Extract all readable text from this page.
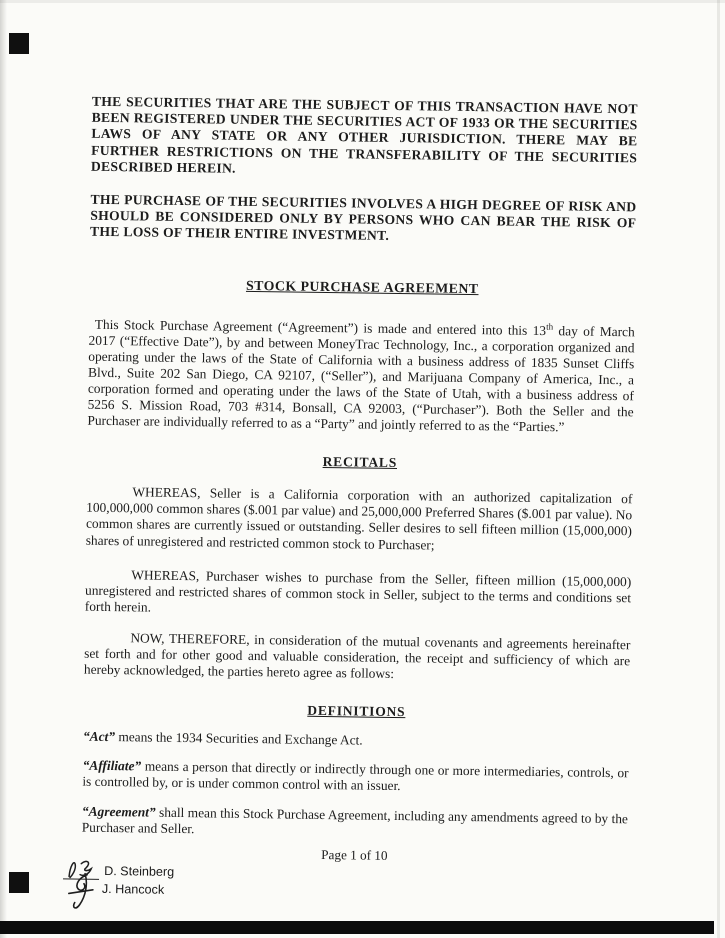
THE SECURITIES THAT ARE THE SUBJECT OF THIS TRANSACTION HAVE NOT BEEN REGISTERED UNDER THE SECURITIES ACT OF 1933 OR THE SECURITIES LAWS OF ANY STATE OR ANY OTHER JURISDICTION. THERE MAY BE FURTHER RESTRICTIONS ON THE TRANSFERABILITY OF THE SECURITIES DESCRIBED HEREIN.

THE PURCHASE OF THE SECURITIES INVOLVES A HIGH DEGREE OF RISK AND SHOULD BE CONSIDERED ONLY BY PERSONS WHO CAN BEAR THE RISK OF THE LOSS OF THEIR ENTIRE INVESTMENT.

STOCK PURCHASE AGREEMENT

This Stock Purchase Agreement (“Agreement”) is made and entered into this 13th day of March 2017 (“Effective Date”), by and between MoneyTrac Technology, Inc., a corporation organized and operating under the laws of the State of California with a business address of 1835 Sunset Cliffs Blvd., Suite 202 San Diego, CA 92107, (“Seller”), and Marijuana Company of America, Inc., a corporation formed and operating under the laws of the State of Utah, with a business address of 5256 S. Mission Road, 703 #314, Bonsall, CA 92003, (“Purchaser”). Both the Seller and the Purchaser are individually referred to as a “Party” and jointly referred to as the “Parties.”

RECITALS

WHEREAS, Seller is a California corporation with an authorized capitalization of 100,000,000 common shares ($.001 par value) and 25,000,000 Preferred Shares ($.001 par value). No common shares are currently issued or outstanding. Seller desires to sell fifteen million (15,000,000) shares of unregistered and restricted common stock to Purchaser;

WHEREAS, Purchaser wishes to purchase from the Seller, fifteen million (15,000,000) unregistered and restricted shares of common stock in Seller, subject to the terms and conditions set forth herein.

NOW, THEREFORE, in consideration of the mutual covenants and agreements hereinafter set forth and for other good and valuable consideration, the receipt and sufficiency of which are hereby acknowledged, the parties hereto agree as follows:

DEFINITIONS

“Act” means the 1934 Securities and Exchange Act.

“Affiliate” means a person that directly or indirectly through one or more intermediaries, controls, or is controlled by, or is under common control with an issuer.

“Agreement” shall mean this Stock Purchase Agreement, including any amendments agreed to by the Purchaser and Seller.

Page 1 of 10

D. Steinberg
J. Hancock
